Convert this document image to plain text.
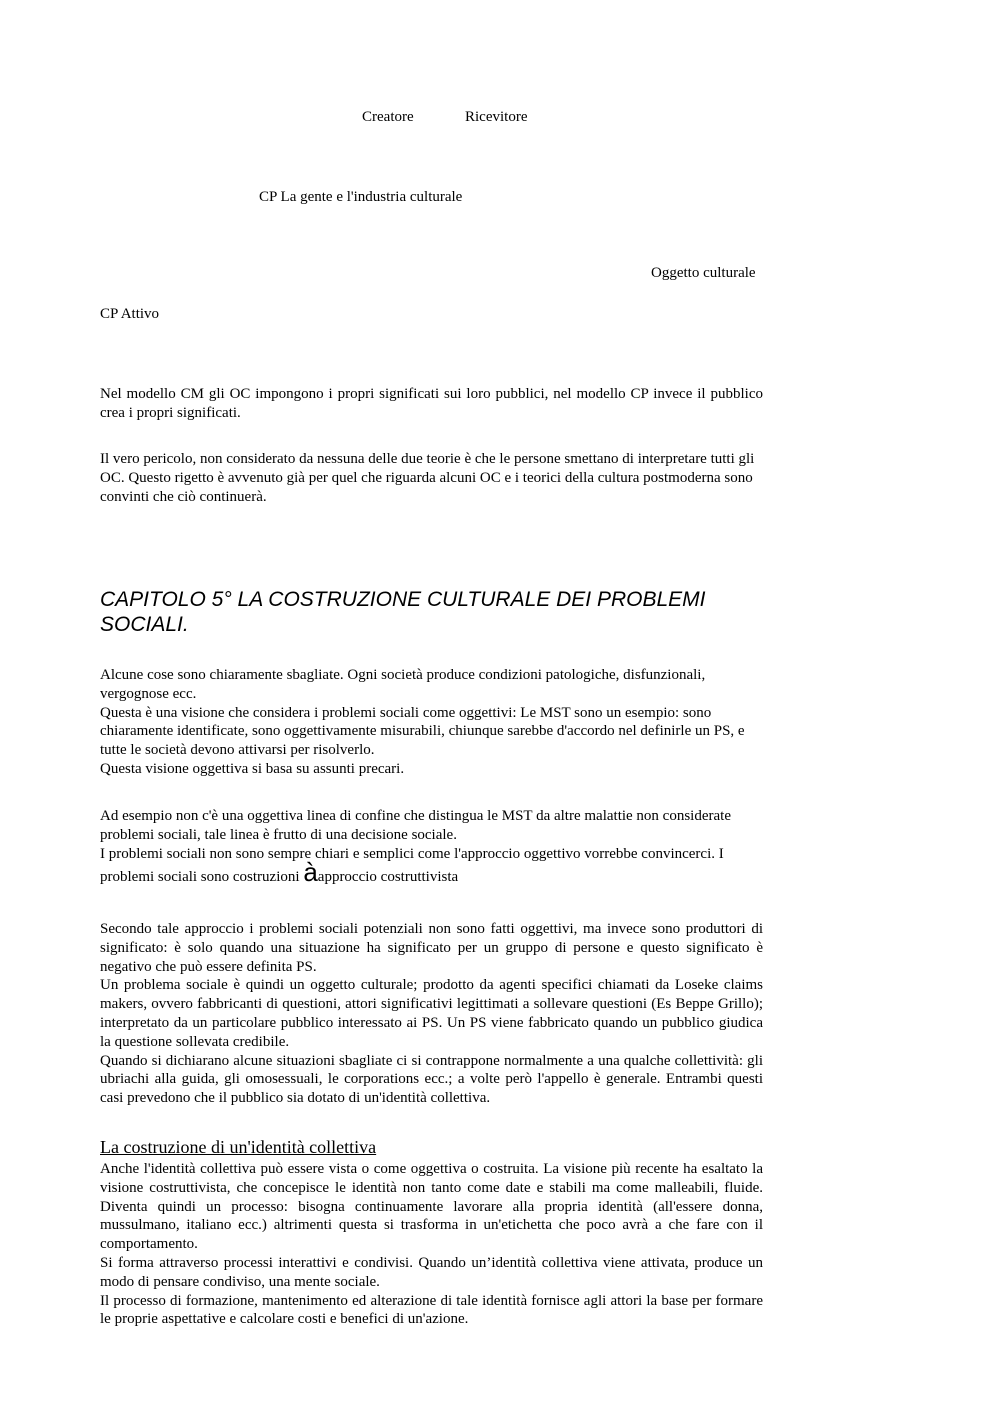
Creatore	Ricevitore
CP La gente e l'industria culturale
Oggetto culturale
CP Attivo
Nel modello CM gli OC impongono i propri significati sui loro pubblici, nel modello CP invece il pubblico crea i propri significati.
Il vero pericolo, non considerato da nessuna delle due teorie è che le persone smettano di interpretare tutti gli OC. Questo rigetto è avvenuto già per quel che riguarda alcuni OC e i teorici della cultura postmoderna sono convinti che ciò continuerà.
CAPITOLO 5° LA COSTRUZIONE CULTURALE DEI PROBLEMI SOCIALI.
Alcune cose sono chiaramente sbagliate. Ogni società produce condizioni patologiche, disfunzionali, vergognose ecc.
Questa è una visione che considera i problemi sociali come oggettivi: Le MST sono un esempio: sono chiaramente identificate, sono oggettivamente misurabili, chiunque sarebbe d'accordo nel definirle un PS, e tutte le società devono attivarsi per risolverlo.
Questa visione oggettiva si basa su assunti precari.
Ad esempio non c'è una oggettiva linea di confine che distingua le MST da altre malattie non considerate problemi sociali, tale linea è frutto di una decisione sociale.
I problemi sociali non sono sempre chiari e semplici come l'approccio oggettivo vorrebbe convincerci. I problemi sociali sono costruzioni àapproccio costruttivista
Secondo tale approccio i problemi sociali potenziali non sono fatti oggettivi, ma invece sono produttori di significato: è solo quando una situazione ha significato per un gruppo di persone e questo significato è negativo che può essere definita PS.
Un problema sociale è quindi un oggetto culturale; prodotto da agenti specifici chiamati da Loseke claims makers, ovvero fabbricanti di questioni, attori significativi legittimati a sollevare questioni (Es Beppe Grillo); interpretato da un particolare pubblico interessato ai PS. Un PS viene fabbricato quando un pubblico giudica la questione sollevata credibile.
Quando si dichiarano alcune situazioni sbagliate ci si contrappone normalmente a una qualche collettività: gli ubriachi alla guida, gli omosessuali, le corporations ecc.; a volte però l'appello è generale. Entrambi questi casi prevedono che il pubblico sia dotato di un'identità collettiva.
La costruzione di un'identità collettiva
Anche l'identità collettiva può essere vista o come oggettiva o costruita. La visione più recente ha esaltato la visione costruttivista, che concepisce le identità non tanto come date e stabili ma come malleabili, fluide. Diventa quindi un processo: bisogna continuamente lavorare alla propria identità (all'essere donna, mussulmano, italiano ecc.) altrimenti questa si trasforma in un'etichetta che poco avrà a che fare con il comportamento.
Si forma attraverso processi interattivi e condivisi. Quando un’identità collettiva viene attivata, produce un modo di pensare condiviso, una mente sociale.
Il processo di formazione, mantenimento ed alterazione di tale identità fornisce agli attori la base per formare le proprie aspettative e calcolare costi e benefici di un'azione.
